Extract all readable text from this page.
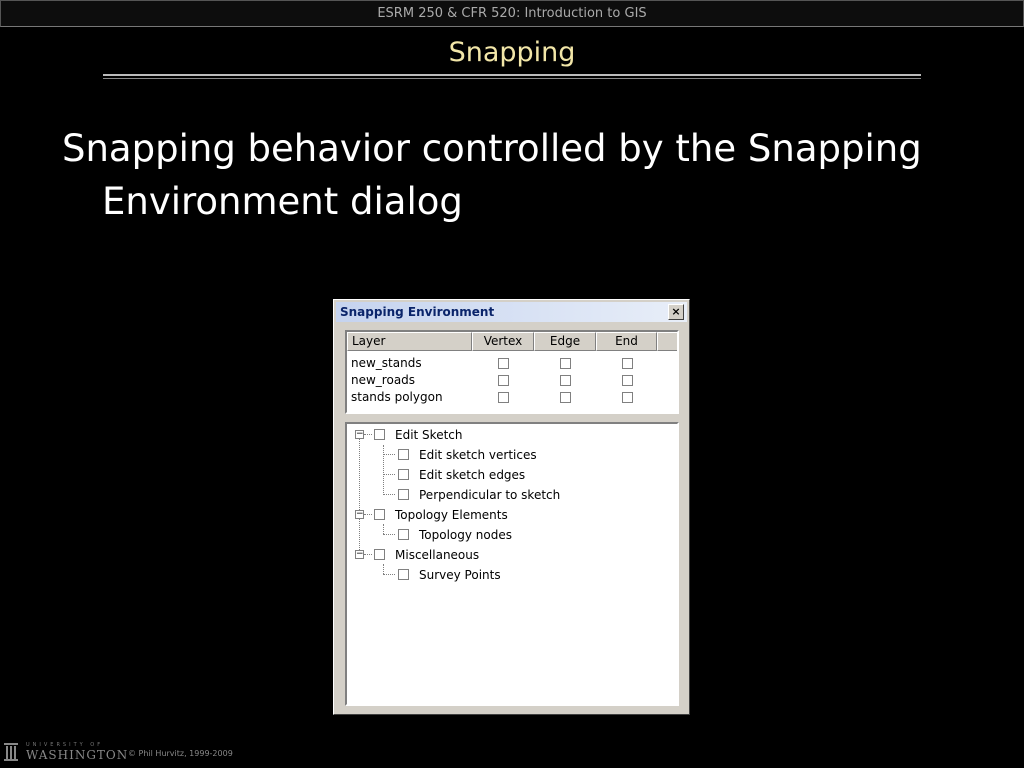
ESRM 250 & CFR 520: Introduction to GIS
Snapping
Snapping behavior controlled by the Snapping
Environment dialog
Snapping Environment	×
Layer	Vertex	Edge	End
new_stands
new_roads
stands polygon
−	Edit Sketch
Edit sketch vertices
Edit sketch edges
Perpendicular to sketch
−	Topology Elements
Topology nodes
−	Miscellaneous
Survey Points
UNIVERSITY OF
WASHINGTON © Phil Hurvitz, 1999-2009
